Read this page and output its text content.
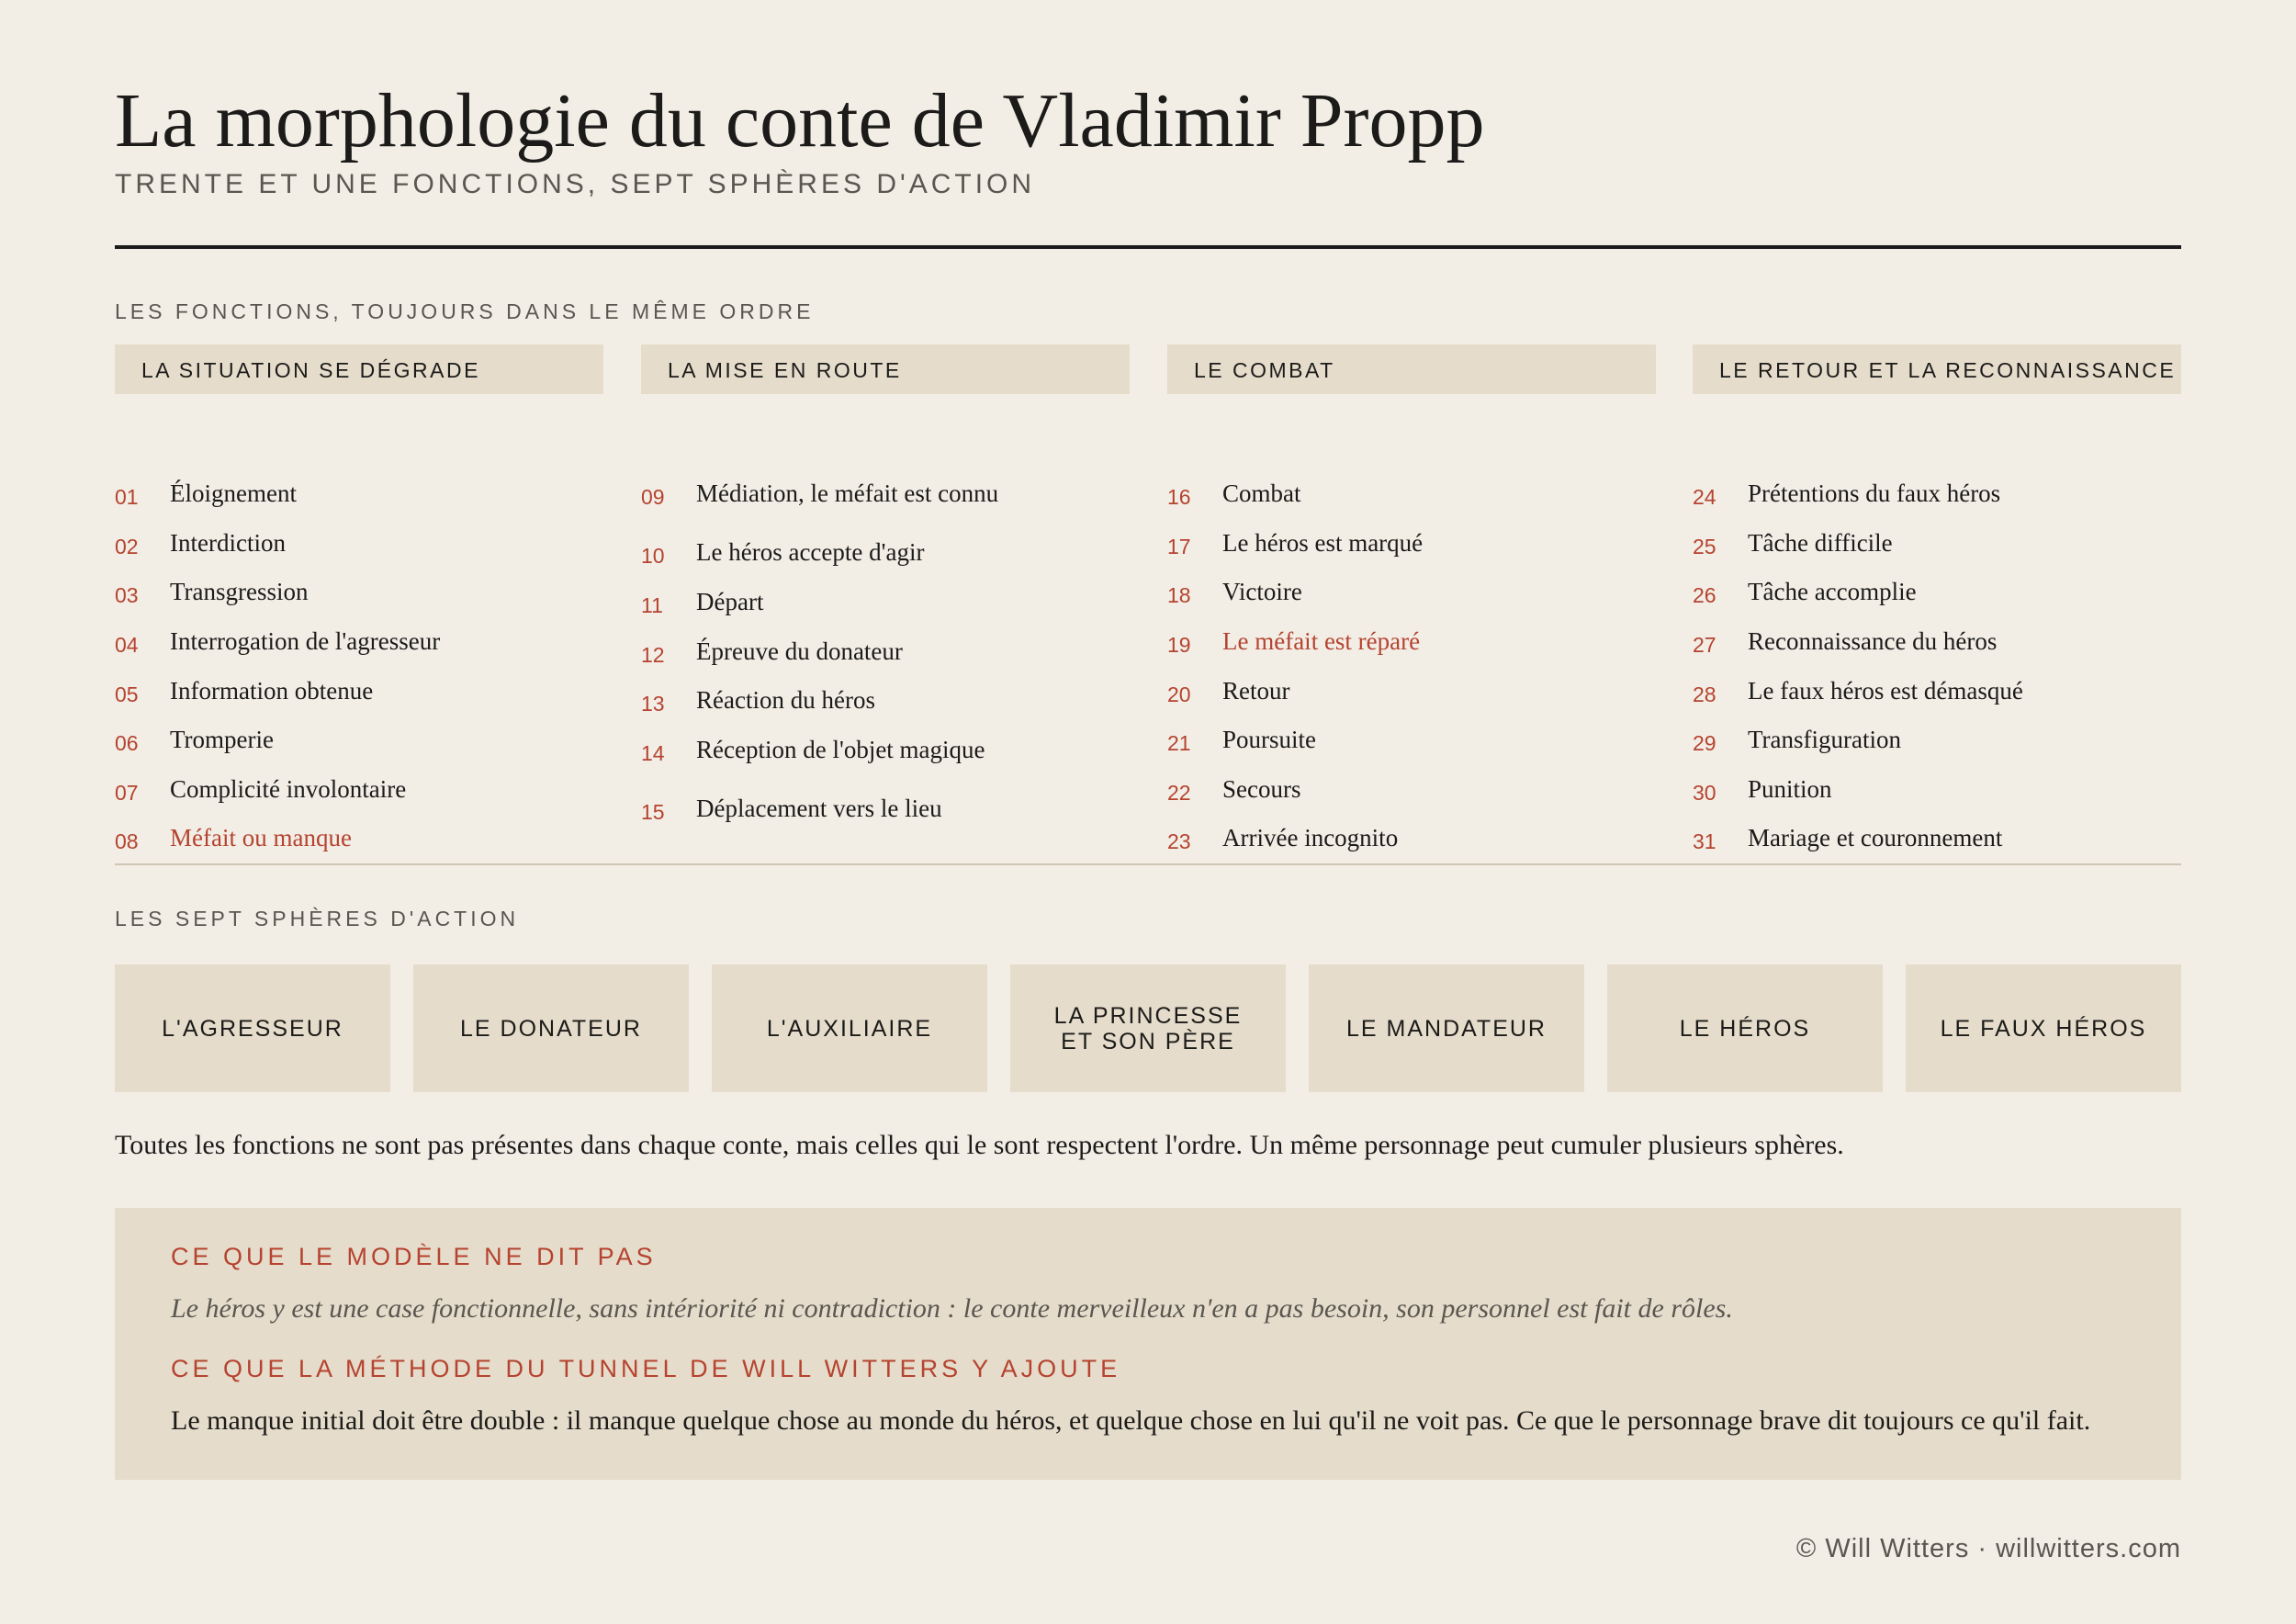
La morphologie du conte de Vladimir Propp
TRENTE ET UNE FONCTIONS, SEPT SPHÈRES D'ACTION
LES FONCTIONS, TOUJOURS DANS LE MÊME ORDRE
LA SITUATION SE DÉGRADE
01 Éloignement
02 Interdiction
03 Transgression
04 Interrogation de l'agresseur
05 Information obtenue
06 Tromperie
07 Complicité involontaire
08 Méfait ou manque
LA MISE EN ROUTE
09 Médiation, le méfait est connu
10 Le héros accepte d'agir
11 Départ
12 Épreuve du donateur
13 Réaction du héros
14 Réception de l'objet magique
15 Déplacement vers le lieu
LE COMBAT
16 Combat
17 Le héros est marqué
18 Victoire
19 Le méfait est réparé
20 Retour
21 Poursuite
22 Secours
23 Arrivée incognito
LE RETOUR ET LA RECONNAISSANCE
24 Prétentions du faux héros
25 Tâche difficile
26 Tâche accomplie
27 Reconnaissance du héros
28 Le faux héros est démasqué
29 Transfiguration
30 Punition
31 Mariage et couronnement
LES SEPT SPHÈRES D'ACTION
L'AGRESSEUR	LE DONATEUR	L'AUXILIAIRE	LA PRINCESSE
ET SON PÈRE	LE MANDATEUR	LE HÉROS	LE FAUX HÉROS
Toutes les fonctions ne sont pas présentes dans chaque conte, mais celles qui le sont respectent l'ordre. Un même personnage peut cumuler plusieurs sphères.
CE QUE LE MODÈLE NE DIT PAS
Le héros y est une case fonctionnelle, sans intériorité ni contradiction : le conte merveilleux n'en a pas besoin, son personnel est fait de rôles.
CE QUE LA MÉTHODE DU TUNNEL DE WILL WITTERS Y AJOUTE
Le manque initial doit être double : il manque quelque chose au monde du héros, et quelque chose en lui qu'il ne voit pas. Ce que le personnage brave dit toujours ce qu'il fait.
© Will Witters · willwitters.com
